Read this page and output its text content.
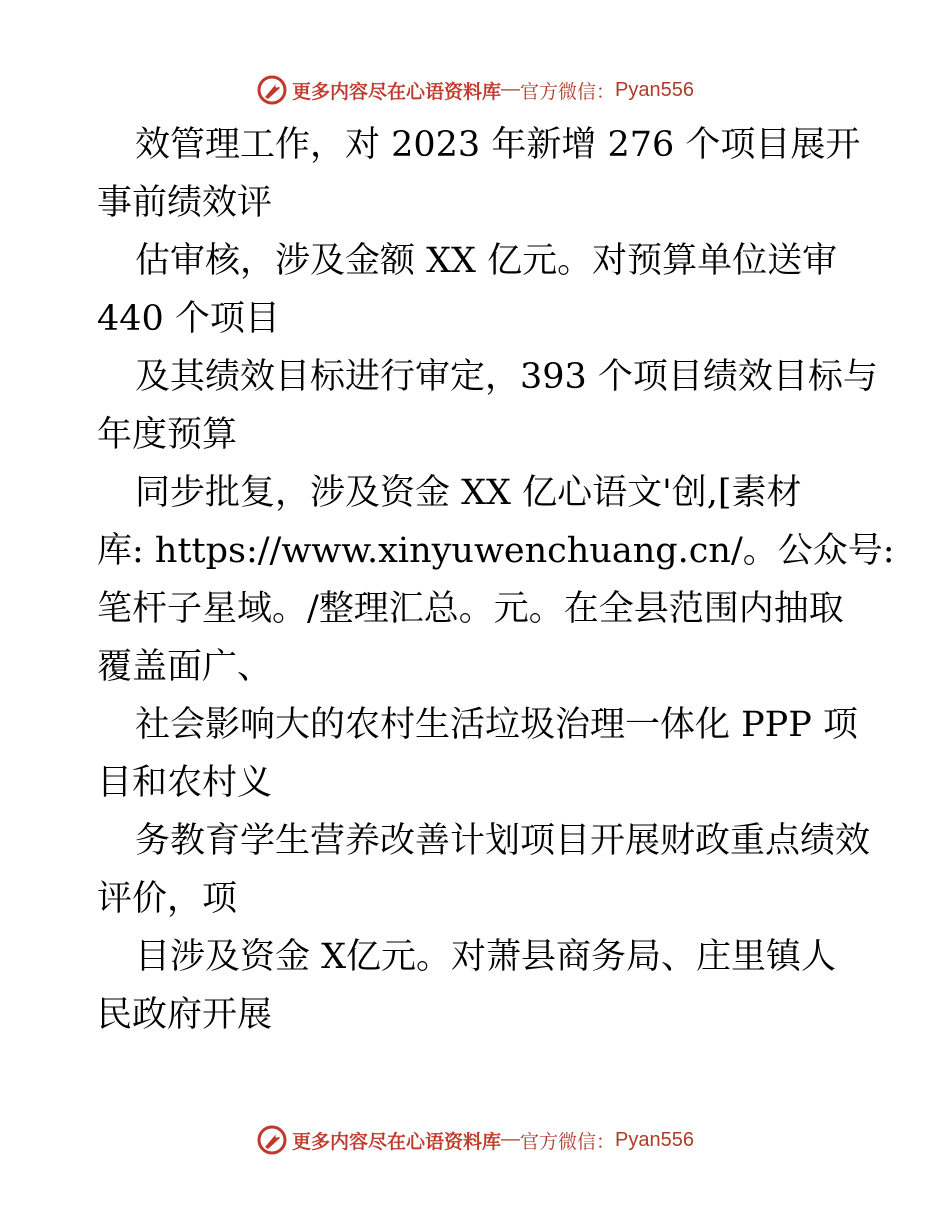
更多内容尽在心语资料库 — 官方微信： Pyan556
效管理工作，对 2023 年新增 276 个项目展开
事前绩效评
估审核，涉及金额 XX 亿元。对预算单位送审
440 个项目
及其绩效目标进行审定，393 个项目绩效目标与
年度预算
同步批复，涉及资金 XX 亿心语文'创,[素材
库: https://www.xinyuwenchuang.cn/。公众号:
笔杆子星域。/整理汇总。元。在全县范围内抽取
覆盖面广、
社会影响大的农村生活垃圾治理一体化 PPP 项
目和农村义
务教育学生营养改善计划项目开展财政重点绩效
评价，项
目涉及资金 X亿元。对萧县商务局、庄里镇人
民政府开展
更多内容尽在心语资料库 — 官方微信： Pyan556
